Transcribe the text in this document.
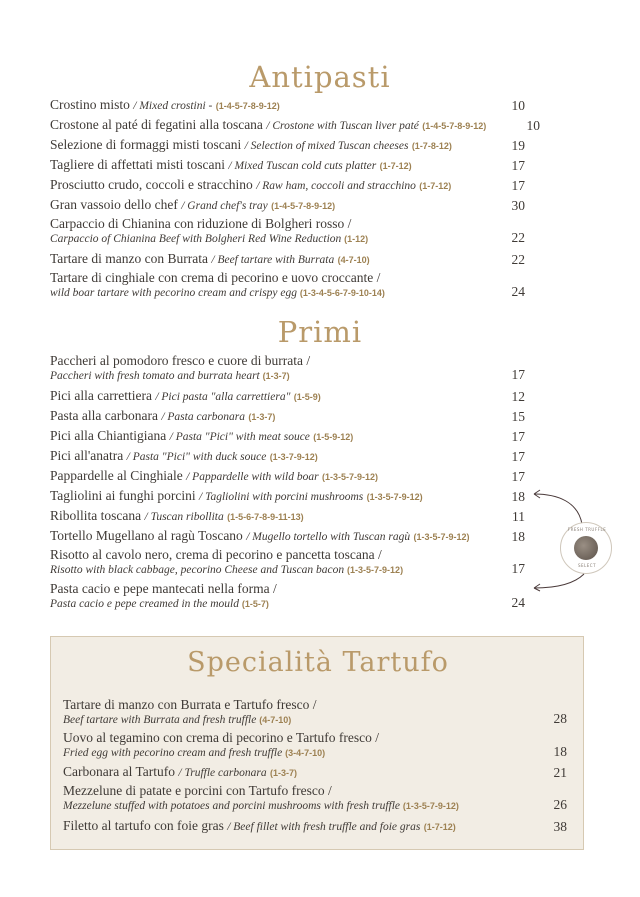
Antipasti
Crostino misto / Mixed crostini - (1-4-5-7-8-9-12)	10
Crostone al paté di fegatini alla toscana / Crostone with Tuscan liver paté (1-4-5-7-8-9-12)	10
Selezione di formaggi misti toscani / Selection of mixed Tuscan cheeses (1-7-8-12)	19
Tagliere di affettati misti toscani / Mixed Tuscan cold cuts platter (1-7-12)	17
Prosciutto crudo, coccoli e stracchino / Raw ham, coccoli and stracchino (1-7-12)	17
Gran vassoio dello chef / Grand chef's tray (1-4-5-7-8-9-12)	30
Carpaccio di Chianina con riduzione di Bolgheri rosso /
Carpaccio of Chianina Beef with Bolgheri Red Wine Reduction (1-12)	22
Tartare di manzo con Burrata / Beef tartare with Burrata (4-7-10)	22
Tartare di cinghiale con crema di pecorino e uovo croccante /
wild boar tartare with pecorino cream and crispy egg (1-3-4-5-6-7-9-10-14)	24
Primi
Paccheri al pomodoro fresco e cuore di burrata /
Paccheri with fresh tomato and burrata heart (1-3-7)	17
Pici alla carrettiera / Pici pasta "alla carrettiera" (1-5-9)	12
Pasta alla carbonara / Pasta carbonara (1-3-7)	15
Pici alla Chiantigiana / Pasta "Pici" with meat souce (1-5-9-12)	17
Pici all'anatra / Pasta "Pici" with duck souce (1-3-7-9-12)	17
Pappardelle al Cinghiale / Pappardelle with wild boar (1-3-5-7-9-12)	17
Tagliolini ai funghi porcini / Tagliolini with porcini mushrooms (1-3-5-7-9-12)	18
Ribollita toscana / Tuscan ribollita (1-5-6-7-8-9-11-13)	11
Tortello Mugellano al ragù Toscano / Mugello tortello with Tuscan ragù (1-3-5-7-9-12)	18
Risotto al cavolo nero, crema di pecorino e pancetta toscana /
Risotto with black cabbage, pecorino Cheese and Tuscan bacon (1-3-5-7-9-12)	17
Pasta cacio e pepe mantecati nella forma /
Pasta cacio e pepe creamed in the mould (1-5-7)	24
FRESH TRUFFLE
SELECT
Specialità Tartufo
Tartare di manzo con Burrata e Tartufo fresco /
Beef tartare with Burrata and fresh truffle (4-7-10)	28
Uovo al tegamino con crema di pecorino e Tartufo fresco /
Fried egg with pecorino cream and fresh truffle (3-4-7-10)	18
Carbonara al Tartufo / Truffle carbonara (1-3-7)	21
Mezzelune di patate e porcini con Tartufo fresco /
Mezzelune stuffed with potatoes and porcini mushrooms with fresh truffle (1-3-5-7-9-12)	26
Filetto al tartufo con foie gras / Beef fillet with fresh truffle and foie gras (1-7-12)	38
